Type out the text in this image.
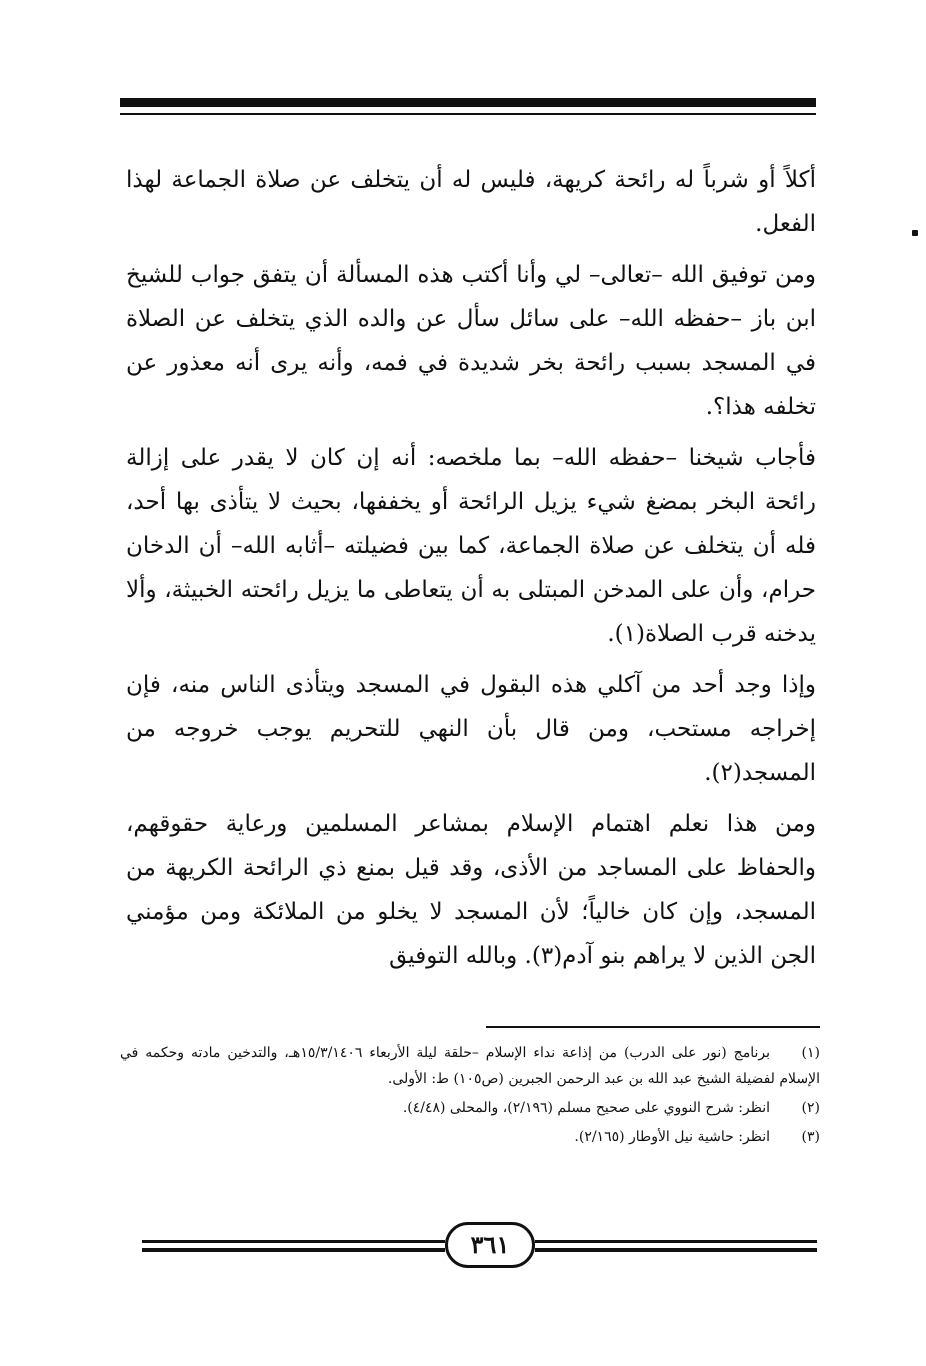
أكلاً أو شرباً له رائحة كريهة، فليس له أن يتخلف عن صلاة الجماعة لهذا الفعل.

ومن توفيق الله –تعالى– لي وأنا أكتب هذه المسألة أن يتفق جواب للشيخ ابن باز –حفظه الله– على سائل سأل عن والده الذي يتخلف عن الصلاة في المسجد بسبب رائحة بخر شديدة في فمه، وأنه يرى أنه معذور عن تخلفه هذا؟.

فأجاب شيخنا –حفظه الله– بما ملخصه: أنه إن كان لا يقدر على إزالة رائحة البخر بمضغ شيء يزيل الرائحة أو يخففها، بحيث لا يتأذى بها أحد، فله أن يتخلف عن صلاة الجماعة، كما بين فضيلته –أثابه الله– أن الدخان حرام، وأن على المدخن المبتلى به أن يتعاطى ما يزيل رائحته الخبيثة، وألا يدخنه قرب الصلاة(١).

وإذا وجد أحد من آكلي هذه البقول في المسجد ويتأذى الناس منه، فإن إخراجه مستحب، ومن قال بأن النهي للتحريم يوجب خروجه من المسجد(٢).

ومن هذا نعلم اهتمام الإسلام بمشاعر المسلمين ورعاية حقوقهم، والحفاظ على المساجد من الأذى، وقد قيل بمنع ذي الرائحة الكريهة من المسجد، وإن كان خالياً؛ لأن المسجد لا يخلو من الملائكة ومن مؤمني الجن الذين لا يراهم بنو آدم(٣). وبالله التوفيق

(١)برنامج (نور على الدرب) من إذاعة نداء الإسلام –حلقة ليلة الأربعاء ١٥/٣/١٤٠٦هـ، والتدخين مادته وحكمه في الإسلام لفضيلة الشيخ عبد الله بن عبد الرحمن الجبرين (ص١٠٥) ط: الأولى.
(٢)انظر: شرح النووي على صحيح مسلم (٢/١٩٦)، والمحلى (٤/٤٨).
(٣)انظر: حاشية نيل الأوطار (٢/١٦٥).
٣٦١
